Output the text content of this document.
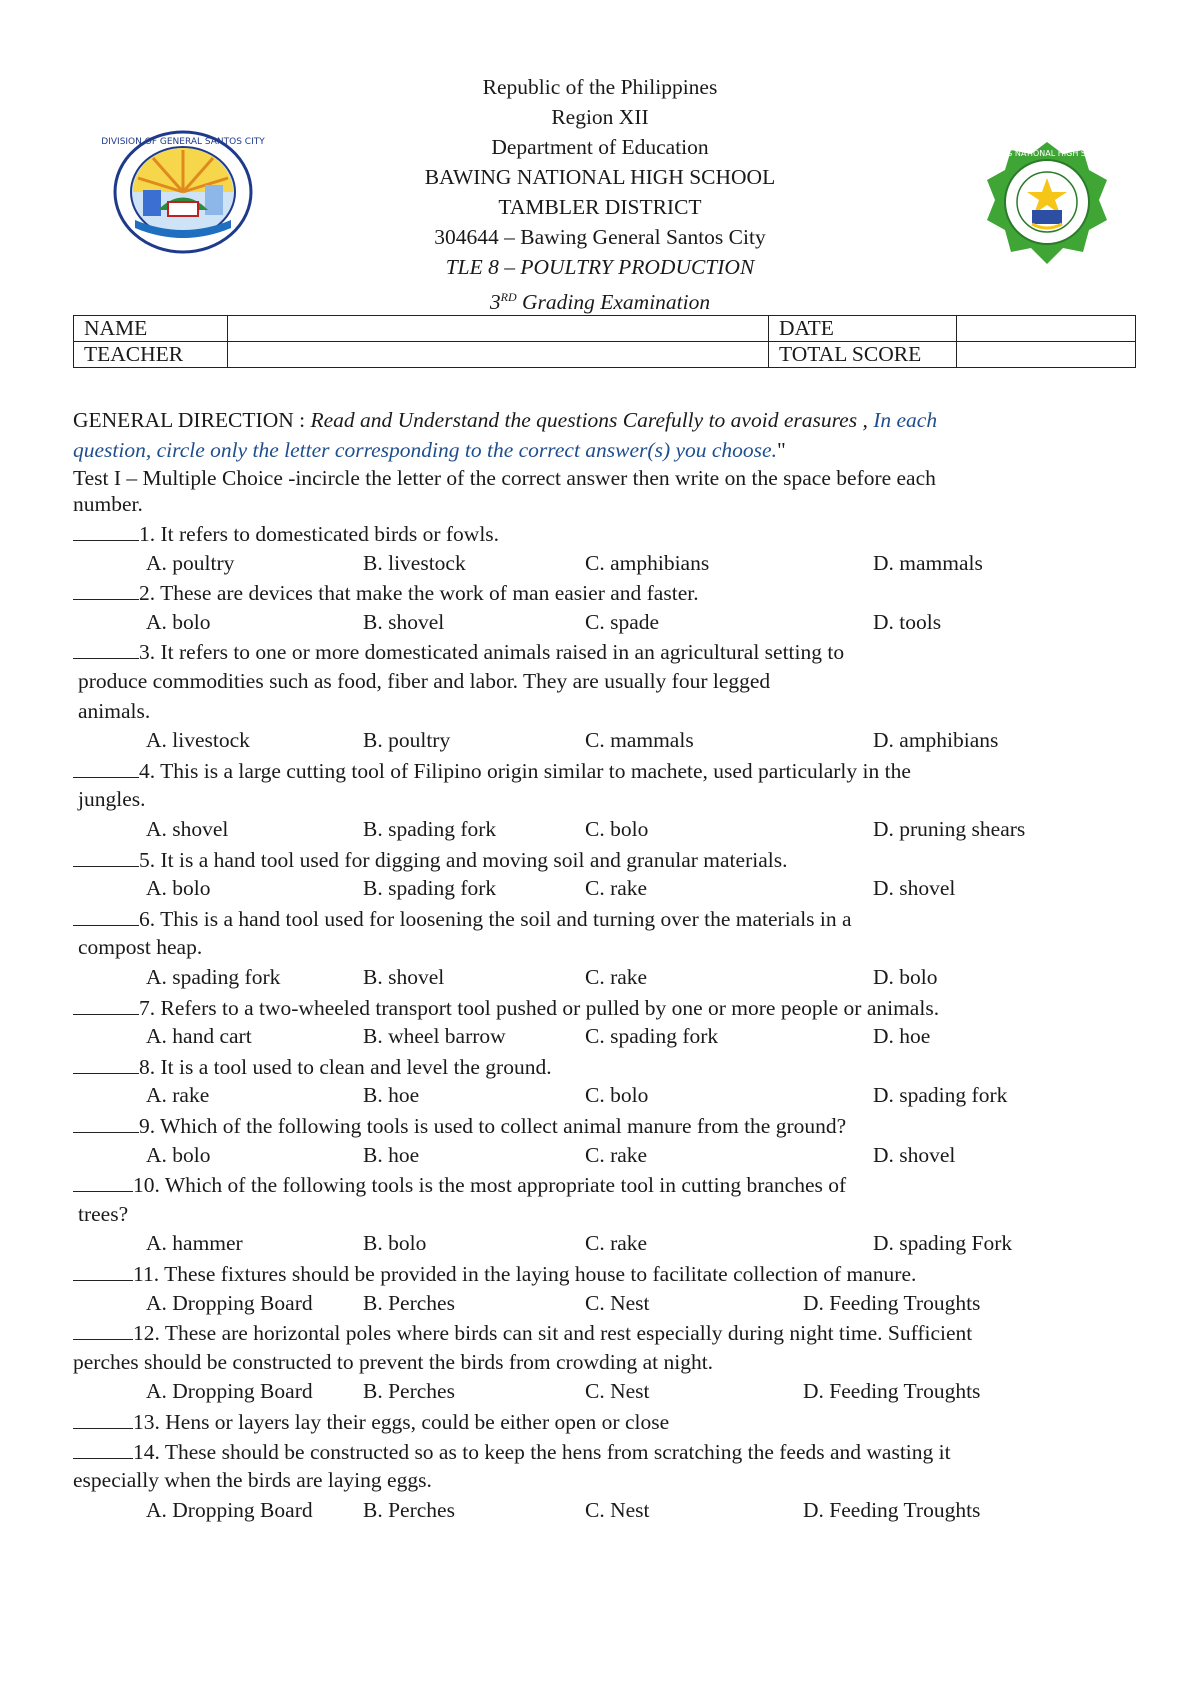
DIVISION OF GENERAL SANTOS CITY
BAWING NATIONAL HIGH SCHOOL
Republic of the Philippines
Region XII
Department of Education
BAWING NATIONAL HIGH SCHOOL
TAMBLER DISTRICT
304644 – Bawing General Santos City
TLE 8 – POULTRY PRODUCTION
3RD Grading Examination
NAME		DATE	
TEACHER		TOTAL SCORE	
GENERAL DIRECTION : Read and Understand the questions Carefully to avoid erasures , In each
question, circle only the letter corresponding to the correct answer(s) you choose."
Test I – Multiple Choice -incircle the letter of the correct answer then write on the space before each
number.
1. It refers to domesticated birds or fowls.
A. poultry	B. livestock	C. amphibians	D. mammals
2. These are devices that make the work of man easier and faster.
A. bolo	B. shovel	C. spade	D. tools
3. It refers to one or more domesticated animals raised in an agricultural setting to
produce commodities such as food, fiber and labor. They are usually four legged
animals.
A. livestock	B. poultry	C. mammals	D. amphibians
4. This is a large cutting tool of Filipino origin similar to machete, used particularly in the
jungles.
A. shovel	B. spading fork	C. bolo	D. pruning shears
5. It is a hand tool used for digging and moving soil and granular materials.
A. bolo	B. spading fork	C. rake	D. shovel
6. This is a hand tool used for loosening the soil and turning over the materials in a
compost heap.
A. spading fork	B. shovel	C. rake	D. bolo
7. Refers to a two-wheeled transport tool pushed or pulled by one or more people or animals.
A. hand cart	B. wheel barrow	C. spading fork	D. hoe
8. It is a tool used to clean and level the ground.
A. rake	B. hoe	C. bolo	D. spading fork
9. Which of the following tools is used to collect animal manure from the ground?
A. bolo	B. hoe	C. rake	D. shovel
10. Which of the following tools is the most appropriate tool in cutting branches of
trees?
A. hammer	B. bolo	C. rake	D. spading Fork
11. These fixtures should be provided in the laying house to facilitate collection of manure.
A. Dropping Board B. Perches	C. Nest	D. Feeding Troughts
12. These are horizontal poles where birds can sit and rest especially during night time. Sufficient
perches should be constructed to prevent the birds from crowding at night.
A. Dropping Board B. Perches	C. Nest	D. Feeding Troughts
13. Hens or layers lay their eggs, could be either open or close
14. These should be constructed so as to keep the hens from scratching the feeds and wasting it
especially when the birds are laying eggs.
A. Dropping Board B. Perches	C. Nest	D. Feeding Troughts
